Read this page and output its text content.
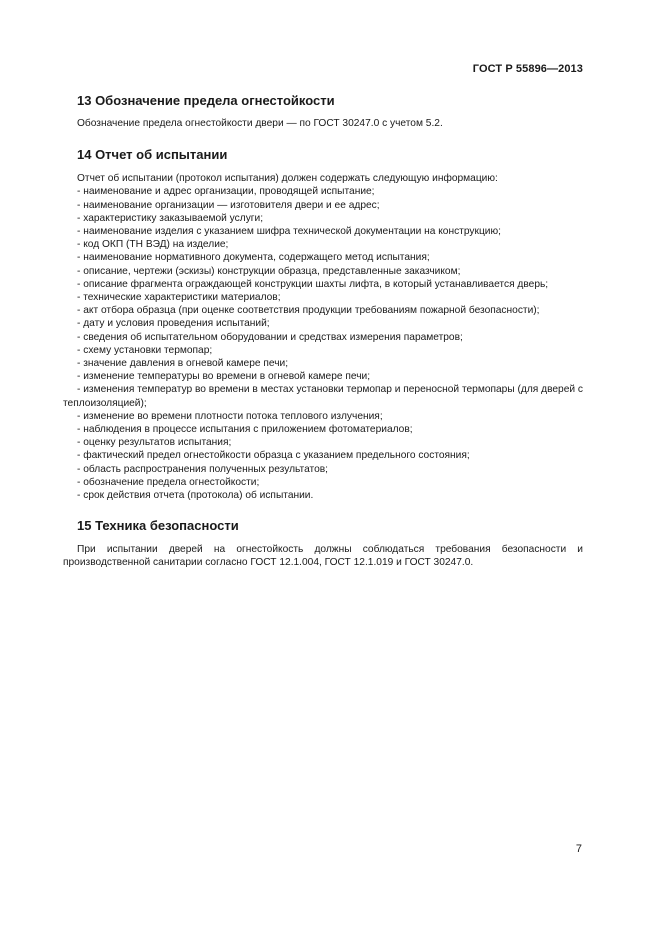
ГОСТ Р 55896—2013
13 Обозначение предела огнестойкости

Обозначение предела огнестойкости двери — по ГОСТ 30247.0 с учетом 5.2.

14 Отчет об испытании

Отчет об испытании (протокол испытания) должен содержать следующую информацию:

- наименование и адрес организации, проводящей испытание;
- наименование организации — изготовителя двери и ее адрес;
- характеристику заказываемой услуги;
- наименование изделия с указанием шифра технической документации на конструкцию;
- код ОКП (ТН ВЭД) на изделие;
- наименование нормативного документа, содержащего метод испытания;
- описание, чертежи (эскизы) конструкции образца, представленные заказчиком;
- описание фрагмента ограждающей конструкции шахты лифта, в который устанавливается дверь;
- технические характеристики материалов;
- акт отбора образца (при оценке соответствия продукции требованиям пожарной безопасности);
- дату и условия проведения испытаний;
- сведения об испытательном оборудовании и средствах измерения параметров;
- схему установки термопар;
- значение давления в огневой камере печи;
- изменение температуры во времени в огневой камере печи;
- изменения температур во времени в местах установки термопар и переносной термопары (для дверей с теплоизоляцией);
- изменение во времени плотности потока теплового излучения;
- наблюдения в процессе испытания с приложением фотоматериалов;
- оценку результатов испытания;
- фактический предел огнестойкости образца с указанием предельного состояния;
- область распространения полученных результатов;
- обозначение предела огнестойкости;
- срок действия отчета (протокола) об испытании.
15 Техника безопасности

При испытании дверей на огнестойкость должны соблюдаться требования безопасности и производственной санитарии согласно ГОСТ 12.1.004, ГОСТ 12.1.019 и ГОСТ 30247.0.

7
